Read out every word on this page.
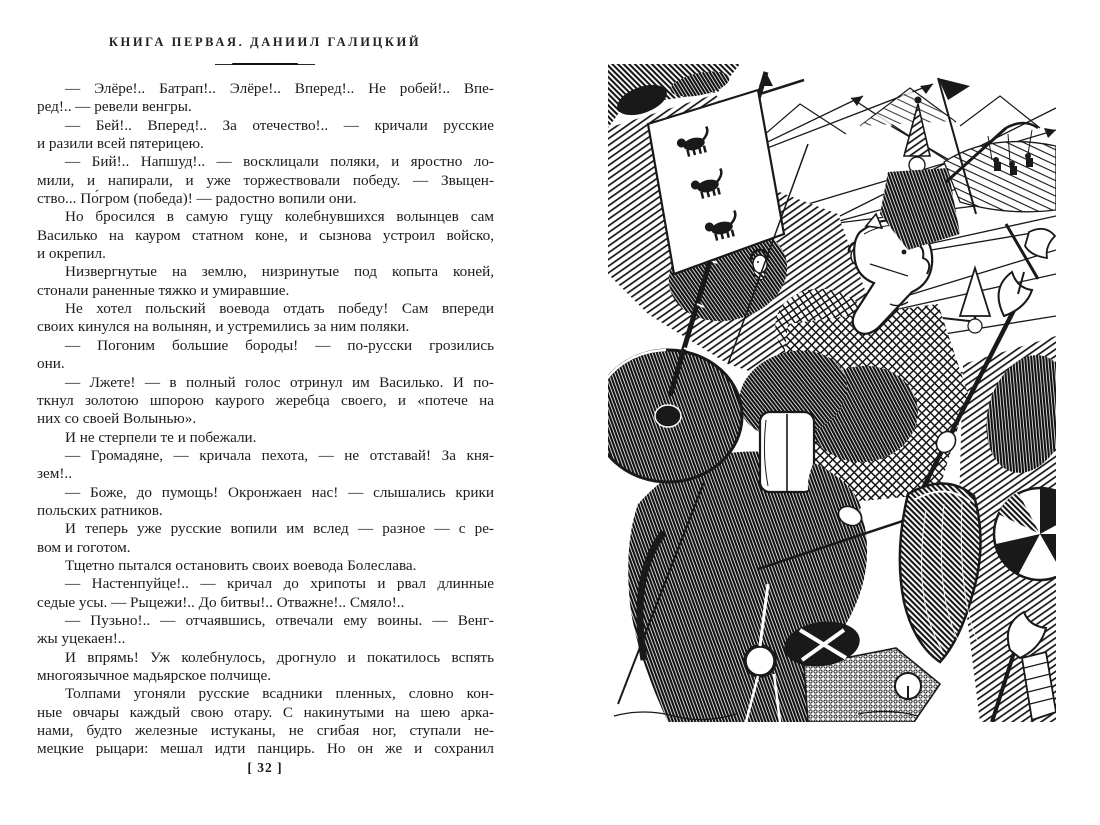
КНИГА ПЕРВАЯ. ДАНИИЛ ГАЛИЦКИЙ
— Элёре!.. Батрап!.. Элёре!.. Вперед!.. Не робей!.. Впе-
ред!.. — ревели венгры.
— Бей!.. Вперед!.. За отечество!.. — кричали русские
и разили всей пятерицею.
— Бий!.. Напшуд!.. — восклицали поляки, и яростно ло-
мили, и напирали, и уже торжествовали победу. — Звыцен-
ство... По́гром (победа)! — радостно вопили они.
Но бросился в самую гущу колебнувшихся волынцев сам
Василько на кауром статном коне, и сызнова устроил войско,
и окрепил.
Низвергнутые на землю, низринутые под копыта коней,
стонали раненные тяжко и умиравшие.
Не хотел польский воевода отдать победу! Сам впереди
своих кинулся на волынян, и устремились за ним поляки.
— Погоним большие бороды! — по-русски грозились
они.
— Лжете! — в полный голос отринул им Василько. И по-
ткнул золотою шпорою каурого жеребца своего, и «потече на
них со своей Волынью».
И не стерпели те и побежали.
— Громадяне, — кричала пехота, — не отставай! За кня-
зем!..
— Боже, до пумощь! Окронжаен нас! — слышались крики
польских ратников.
И теперь уже русские вопили им вслед — разное — с ре-
вом и гоготом.
Тщетно пытался остановить своих воевода Болеслава.
— Настенпуйце!.. — кричал до хрипоты и рвал длинные
седые усы. — Рыцежи!.. До битвы!.. Отважне!.. Смяло!..
— Пузьно!.. — отчаявшись, отвечали ему воины. — Венг-
жы уцекаен!..
И впрямь! Уж колебнулось, дрогнуло и покатилось вспять
многоязычное мадьярское полчище.
Толпами угоняли русские всадники пленных, словно кон-
ные овчары каждый свою отару. С накинутыми на шею арка-
нами, будто железные истуканы, не сгибая ног, ступали не-
мецкие рыцари: мешал идти панцирь. Но он же и сохранил
[ 32 ]
